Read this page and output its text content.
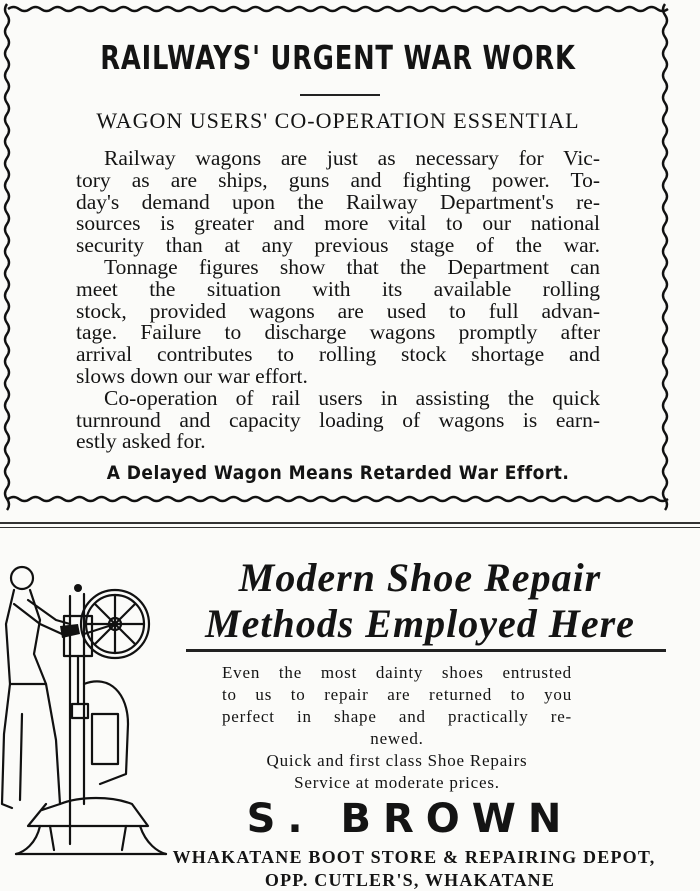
RAILWAYS' URGENT WAR WORK
WAGON USERS' CO-OPERATION ESSENTIAL
Railway wagons are just as necessary for Vic-
tory as are ships, guns and fighting power. To-
day's demand upon the Railway Department's re-
sources is greater and more vital to our national
security than at any previous stage of the war.
Tonnage figures show that the Department can
meet the situation with its available rolling
stock, provided wagons are used to full advan-
tage. Failure to discharge wagons promptly after
arrival contributes to rolling stock shortage and
slows down our war effort.
Co-operation of rail users in assisting the quick
turnround and capacity loading of wagons is earn-
estly asked for.
A Delayed Wagon Means Retarded War Effort.
Modern Shoe Repair
Methods Employed Here
Even the most dainty shoes entrusted
to us to repair are returned to you
perfect in shape and practically re-
newed.
Quick and first class Shoe Repairs
Service at moderate prices.
S. BROWN
WHAKATANE BOOT STORE & REPAIRING DEPOT,
OPP. CUTLER'S, WHAKATANE
